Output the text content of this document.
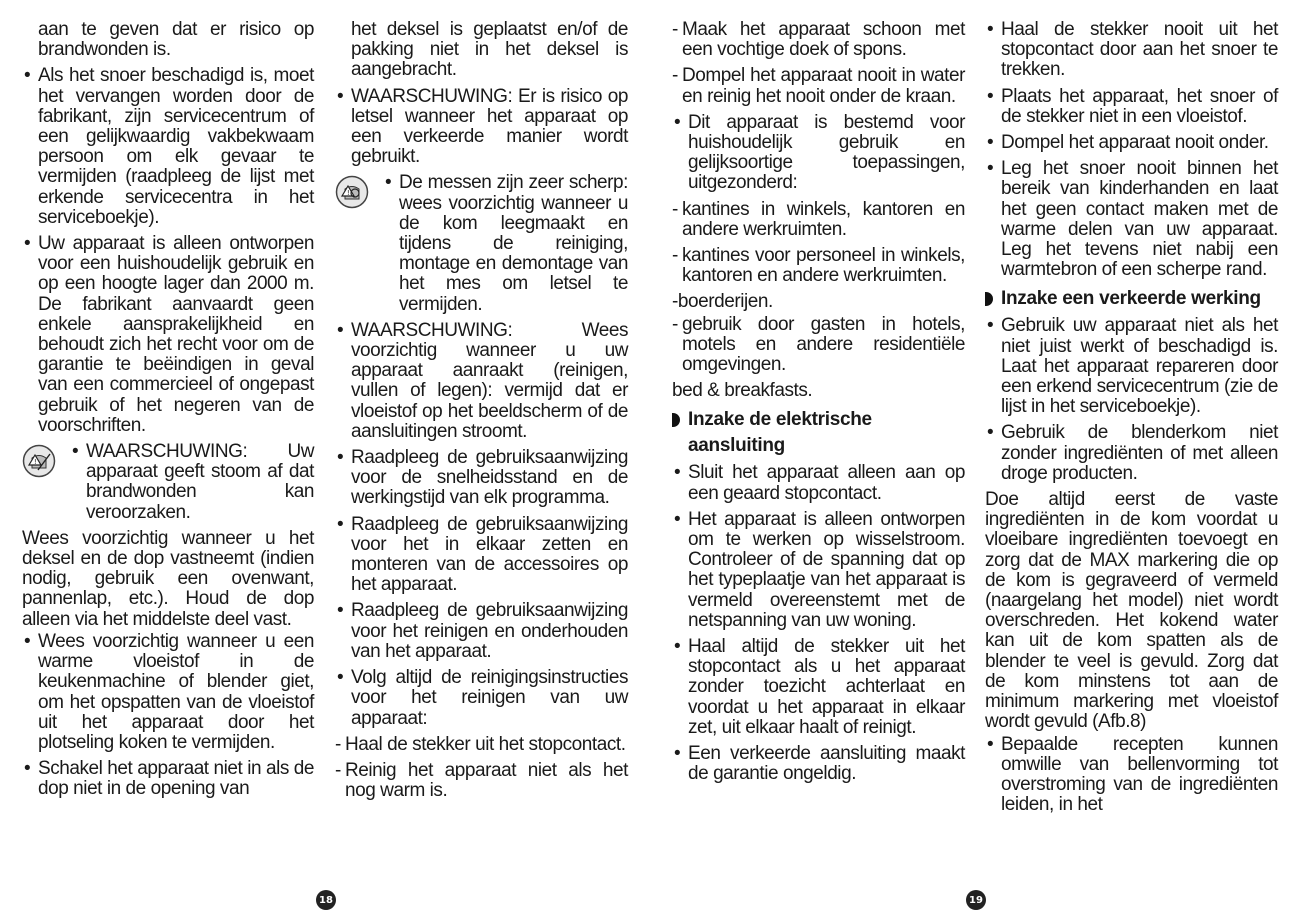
aan te geven dat er risico op brandwonden is.
• Als het snoer beschadigd is, moet het vervangen worden door de fabrikant, zijn servicecentrum of een gelijkwaardig vakbekwaam persoon om elk gevaar te vermijden (raadpleeg de lijst met erkende servicecentra in het serviceboekje).
• Uw apparaat is alleen ontworpen voor een huishoudelijk gebruik en op een hoogte lager dan 2000 m. De fabrikant aanvaardt geen enkele aansprakelijkheid en behoudt zich het recht voor om de garantie te beëindigen in geval van een commercieel of ongepast gebruik of het negeren van de voorschriften.
!	• WAARSCHUWING: Uw apparaat geeft stoom af dat brandwonden kan veroorzaken.
Wees voorzichtig wanneer u het deksel en de dop vastneemt (indien nodig, gebruik een ovenwant, pannenlap, etc.). Houd de dop alleen via het middelste deel vast.
• Wees voorzichtig wanneer u een warme vloeistof in de keukenmachine of blender giet, om het opspatten van de vloeistof uit het apparaat door het plotseling koken te vermijden.
• Schakel het apparaat niet in als de dop niet in de opening van
het deksel is geplaatst en/of de pakking niet in het deksel is aangebracht.
• WAARSCHUWING: Er is risico op letsel wanneer het apparaat op een verkeerde manier wordt gebruikt.
!	• De messen zijn zeer scherp: wees voorzichtig wanneer u de kom leegmaakt en tijdens de reiniging, montage en demontage van het mes om letsel te vermijden.
• WAARSCHUWING: Wees voorzichtig wanneer u uw apparaat aanraakt (reinigen, vullen of legen): vermijd dat er vloeistof op het beeldscherm of de aansluitingen stroomt.
• Raadpleeg de gebruiksaanwijzing voor de snelheidsstand en de werkingstijd van elk programma.
• Raadpleeg de gebruiksaanwijzing voor het in elkaar zetten en monteren van de accessoires op het apparaat.
• Raadpleeg de gebruiksaanwijzing voor het reinigen en onderhouden van het apparaat.
• Volg altijd de reinigingsinstructies voor het reinigen van uw apparaat:
- Haal de stekker uit het stopcontact.
- Reinig het apparaat niet als het nog warm is.
- Maak het apparaat schoon met een vochtige doek of spons.
- Dompel het apparaat nooit in water en reinig het nooit onder de kraan.
• Dit apparaat is bestemd voor huishoudelijk gebruik en gelijksoortige toepassingen, uitgezonderd:
- kantines in winkels, kantoren en andere werkruimten.
- kantines voor personeel in winkels, kantoren en andere werkruimten.
-boerderijen.
- gebruik door gasten in hotels, motels en andere residentiële omgevingen.
bed & breakfasts.
Inzake de elektrische aansluiting
• Sluit het apparaat alleen aan op een geaard stopcontact.
• Het apparaat is alleen ontworpen om te werken op wisselstroom. Controleer of de spanning dat op het typeplaatje van het apparaat is vermeld overeenstemt met de netspanning van uw woning.
• Haal altijd de stekker uit het stopcontact als u het apparaat zonder toezicht achterlaat en voordat u het apparaat in elkaar zet, uit elkaar haalt of reinigt.
• Een verkeerde aansluiting maakt de garantie ongeldig.
• Haal de stekker nooit uit het stopcontact door aan het snoer te trekken.
• Plaats het apparaat, het snoer of de stekker niet in een vloeistof.
• Dompel het apparaat nooit onder.
• Leg het snoer nooit binnen het bereik van kinderhanden en laat het geen contact maken met de warme delen van uw apparaat. Leg het tevens niet nabij een warmtebron of een scherpe rand.
Inzake een verkeerde werking
• Gebruik uw apparaat niet als het niet juist werkt of beschadigd is. Laat het apparaat repareren door een erkend servicecentrum (zie de lijst in het serviceboekje).
• Gebruik de blenderkom niet zonder ingrediënten of met alleen droge producten.
Doe altijd eerst de vaste ingrediënten in de kom voordat u vloeibare ingrediënten toevoegt en zorg dat de MAX markering die op de kom is gegraveerd of vermeld (naargelang het model) niet wordt overschreden. Het kokend water kan uit de kom spatten als de blender te veel is gevuld. Zorg dat de kom minstens tot aan de minimum markering met vloeistof wordt gevuld (Afb.8)
• Bepaalde recepten kunnen omwille van bellenvorming tot overstroming van de ingrediënten leiden, in het
18	19
